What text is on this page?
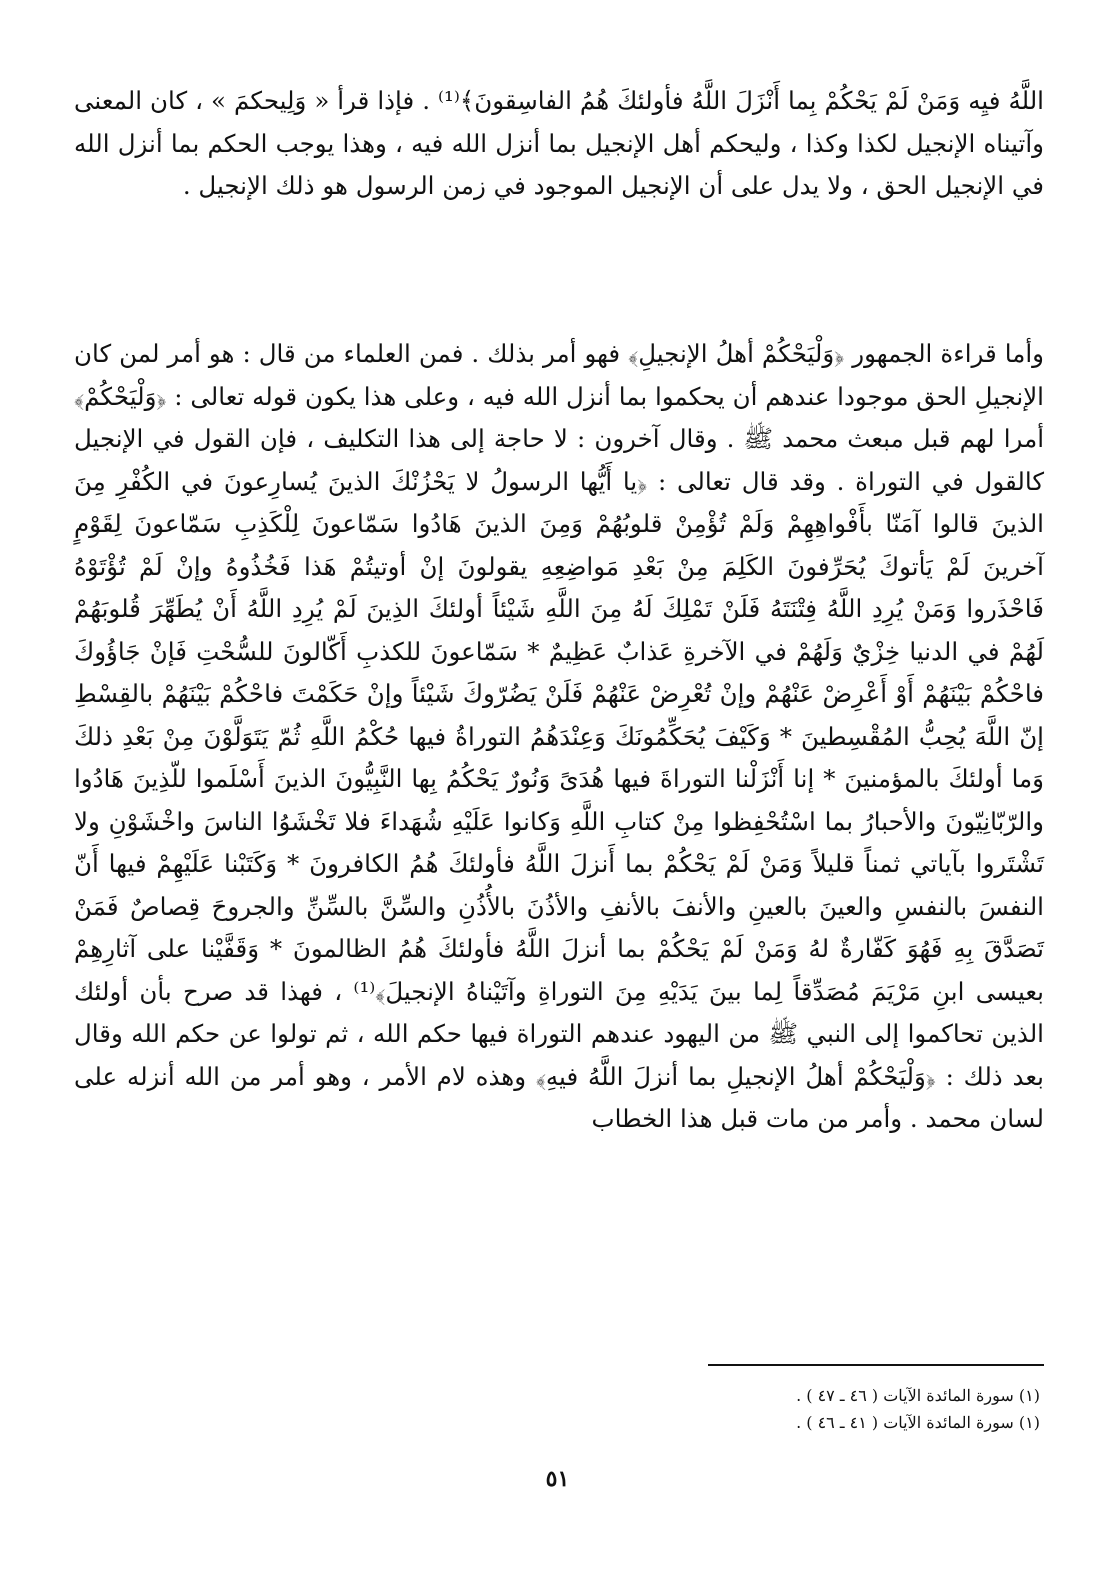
اللَّهُ فيِه وَمَنْ لَمْ يَحْكُمْ بِما أَنْزَلَ اللَّهُ فأولئكَ هُمُ الفاسِقونَ﴾⁽¹⁾ . فإذا قرأ « وَلِيحكمَ » ، كان المعنى وآتيناه الإنجيل لكذا وكذا ، وليحكم أهل الإنجيل بما أنزل الله فيه ، وهذا يوجب الحكم بما أنزل الله في الإنجيل الحق ، ولا يدل على أن الإنجيل الموجود في زمن الرسول هو ذلك الإنجيل .

وأما قراءة الجمهور ﴿وَلْيَحْكُمْ أهلُ الإنجيلِ﴾ فهو أمر بذلك . فمن العلماء من قال : هو أمر لمن كان الإنجيلِ الحق موجودا عندهم أن يحكموا بما أنزل الله فيه ، وعلى هذا يكون قوله تعالى : ﴿وَلْيَحْكُمْ﴾ أمرا لهم قبل مبعث محمد ﷺ . وقال آخرون : لا حاجة إلى هذا التكليف ، فإن القول في الإنجيل كالقول في التوراة . وقد قال تعالى : ﴿يا أَيُّها الرسولُ لا يَحْزُنْكَ الذينَ يُسارِعونَ في الكُفْرِ مِنَ الذينَ قالوا آمَنّا بأَفْواهِهِمْ وَلَمْ تُؤْمِنْ قلوبُهُمْ وَمِنَ الذينَ هَادُوا سَمّاعونَ لِلْكَذِبِ سَمّاعونَ لِقَوْمٍ آخرينَ لَمْ يَأتوكَ يُحَرِّفونَ الكَلِمَ مِنْ بَعْدِ مَواضِعِهِ يقولونَ إنْ أوتيتُمْ هَذا فَخُذُوهُ وإنْ لَمْ تُؤْتَوْهُ فَاحْذَروا وَمَنْ يُرِدِ اللَّهُ فِتْنَتَهُ فَلَنْ تَمْلِكَ لَهُ مِنَ اللَّهِ شَيْئاً أولئكَ الذِينَ لَمْ يُرِدِ اللَّهُ أَنْ يُطَهِّرَ قُلوبَهُمْ لَهُمْ في الدنيا خِزْيٌ وَلَهُمْ في الآخرةِ عَذابٌ عَظِيمٌ * سَمّاعونَ للكذبِ أَكّالونَ للسُّحْتِ فَإنْ جَاؤُوكَ فاحْكُمْ بَيْنَهُمْ أَوْ أَعْرِضْ عَنْهُمْ وإنْ تُعْرِضْ عَنْهُمْ فَلَنْ يَضُرّوكَ شَيْئاً وإنْ حَكَمْتَ فاحْكُمْ بَيْنَهُمْ بالقِسْطِ إنّ اللَّهَ يُحِبُّ المُقْسِطينَ * وَكَيْفَ يُحَكِّمُونَكَ وَعِنْدَهُمُ التوراةُ فيها حُكْمُ اللَّهِ ثُمّ يَتَوَلَّوْنَ مِنْ بَعْدِ ذلكَ وَما أولئكَ بالمؤمنينَ * إنا أَنْزَلْنا التوراةَ فيها هُدَىً وَنُورٌ يَحْكُمُ بِها النَّبِيُّونَ الذينَ أَسْلَموا للّذِينَ هَادُوا والرّبّانِيّونَ والأحبارُ بما اسْتُحْفِظوا مِنْ كتابِ اللَّهِ وَكانوا عَلَيْهِ شُهَداءَ فلا تَخْشَوُا الناسَ واخْشَوْنِ ولا تَشْتَروا بآياتي ثمناً قليلاً وَمَنْ لَمْ يَحْكُمْ بما أَنزلَ اللَّهُ فأولئكَ هُمُ الكافرونَ * وَكَتَبْنا عَلَيْهِمْ فيها أَنّ النفسَ بالنفسِ والعينَ بالعينِ والأنفَ بالأنفِ والأذُنَ بالأُذُنِ والسِّنَّ بالسِّنِّ والجروحَ قِصاصٌ فَمَنْ تَصَدَّقَ بِهِ فَهُوَ كَفّارةٌ لهُ وَمَنْ لَمْ يَحْكُمْ بما أنزلَ اللَّهُ فأولئكَ هُمُ الظالمونَ * وَقَفَّيْنا على آثارِهِمْ بعيسى ابنِ مَرْيَمَ مُصَدِّقاً لِما بينَ يَدَيْهِ مِنَ التوراةِ وآتَيْناهُ الإنجيلَ﴾⁽¹⁾ ، فهذا قد صرح بأن أولئك الذين تحاكموا إلى النبي ﷺ من اليهود عندهم التوراة فيها حكم الله ، ثم تولوا عن حكم الله وقال بعد ذلك : ﴿وَلْيَحْكُمْ أهلُ الإنجيلِ بما أنزلَ اللَّهُ فيهِ﴾ وهذه لام الأمر ، وهو أمر من الله أنزله على لسان محمد . وأمر من مات قبل هذا الخطاب

(١) سورة المائدة الآيات ( ٤٦ ـ ٤٧ ) .

(١) سورة المائدة الآيات ( ٤١ ـ ٤٦ ) .

٥١
